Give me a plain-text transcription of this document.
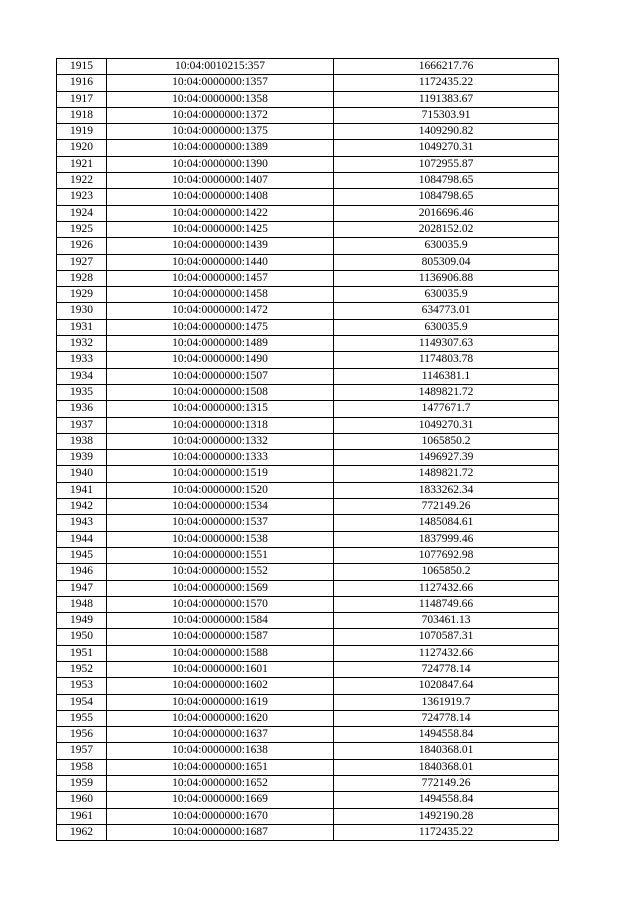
1915	10:04:0010215:357	1666217.76
1916	10:04:0000000:1357	1172435.22
1917	10:04:0000000:1358	1191383.67
1918	10:04:0000000:1372	715303.91
1919	10:04:0000000:1375	1409290.82
1920	10:04:0000000:1389	1049270.31
1921	10:04:0000000:1390	1072955.87
1922	10:04:0000000:1407	1084798.65
1923	10:04:0000000:1408	1084798.65
1924	10:04:0000000:1422	2016696.46
1925	10:04:0000000:1425	2028152.02
1926	10:04:0000000:1439	630035.9
1927	10:04:0000000:1440	805309.04
1928	10:04:0000000:1457	1136906.88
1929	10:04:0000000:1458	630035.9
1930	10:04:0000000:1472	634773.01
1931	10:04:0000000:1475	630035.9
1932	10:04:0000000:1489	1149307.63
1933	10:04:0000000:1490	1174803.78
1934	10:04:0000000:1507	1146381.1
1935	10:04:0000000:1508	1489821.72
1936	10:04:0000000:1315	1477671.7
1937	10:04:0000000:1318	1049270.31
1938	10:04:0000000:1332	1065850.2
1939	10:04:0000000:1333	1496927.39
1940	10:04:0000000:1519	1489821.72
1941	10:04:0000000:1520	1833262.34
1942	10:04:0000000:1534	772149.26
1943	10:04:0000000:1537	1485084.61
1944	10:04:0000000:1538	1837999.46
1945	10:04:0000000:1551	1077692.98
1946	10:04:0000000:1552	1065850.2
1947	10:04:0000000:1569	1127432.66
1948	10:04:0000000:1570	1148749.66
1949	10:04:0000000:1584	703461.13
1950	10:04:0000000:1587	1070587.31
1951	10:04:0000000:1588	1127432.66
1952	10:04:0000000:1601	724778.14
1953	10:04:0000000:1602	1020847.64
1954	10:04:0000000:1619	1361919.7
1955	10:04:0000000:1620	724778.14
1956	10:04:0000000:1637	1494558.84
1957	10:04:0000000:1638	1840368.01
1958	10:04:0000000:1651	1840368.01
1959	10:04:0000000:1652	772149.26
1960	10:04:0000000:1669	1494558.84
1961	10:04:0000000:1670	1492190.28
1962	10:04:0000000:1687	1172435.22
